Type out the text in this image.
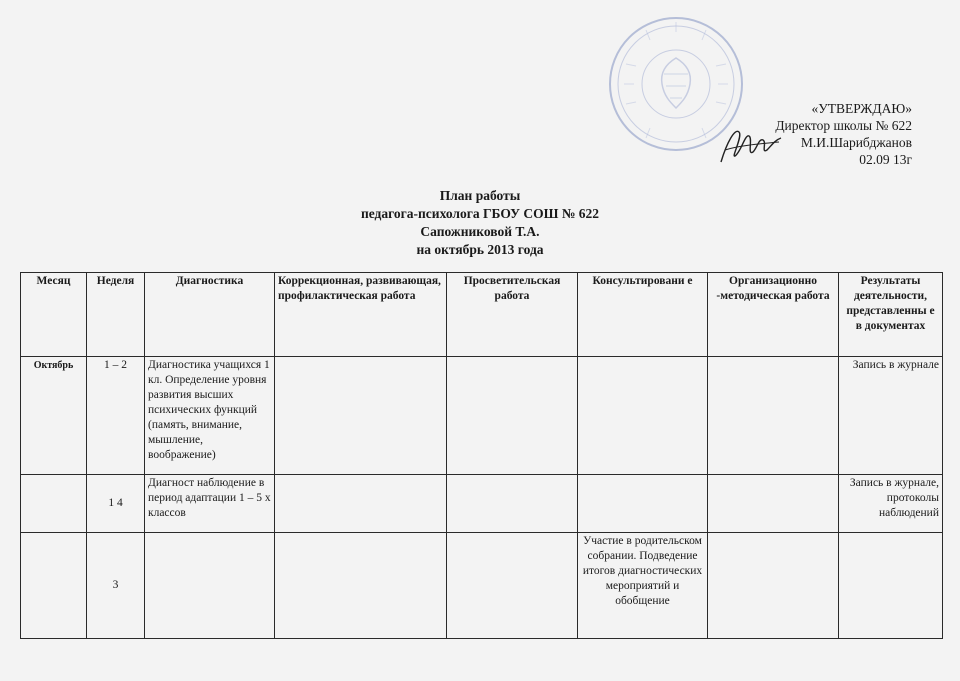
«УТВЕРЖДАЮ»
Директор школы № 622
М.И.Шарибджанов
02.09 13г
План работы
педагога-психолога ГБОУ СОШ № 622
Сапожниковой Т.А.
на октябрь 2013 года
Месяц	Неделя	Диагностика	Коррекционная, развивающая, профилактическая работа	Просветительская работа	Консультировани е	Организационно -методическая работа	Результаты деятельности, представленны е в документах
Октябрь	1 – 2	Диагностика учащихся 1 кл. Определение уровня развития высших психических функций (память, внимание, мышление, воображение)					Запись в журнале
	1 4	Диагност наблюдение в период адаптации 1 – 5 х классов					Запись в журнале, протоколы наблюдений
	3				Участие в родительском собрании. Подведение итогов диагностических мероприятий и обобщение		
